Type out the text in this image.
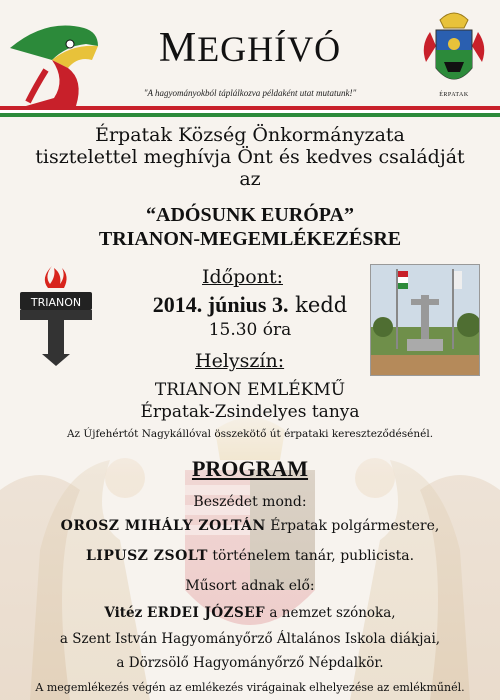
MEGHÍVÓ
"A hagyományokból táplálkozva példaként utat mutatunk!"	ÉRPATAK
Érpatak Község Önkormányzata
tisztelettel meghívja Önt és kedves családját
az
“ADÓSUNK EURÓPA”
TRIANON-MEGEMLÉKEZÉSRE
TRIANON
Időpont:
2014. június 3. kedd
15.30 óra
Helyszín:
TRIANON EMLÉKMŰ
Érpatak-Zsindelyes tanya
Az Újfehértót Nagykállóval összekötő út érpataki kereszteződésénél.
PROGRAM
Beszédet mond:
OROSZ MIHÁLY ZOLTÁN Érpatak polgármestere,
LIPUSZ ZSOLT történelem tanár, publicista.
Műsort adnak elő:
Vitéz ERDEI JÓZSEF a nemzet szónoka,
a Szent István Hagyományőrző Általános Iskola diákjai,
a Dörzsölő Hagyományőrző Népdalkör.
A megemlékezés végén az emlékezés virágainak elhelyezése az emlékműnél.
